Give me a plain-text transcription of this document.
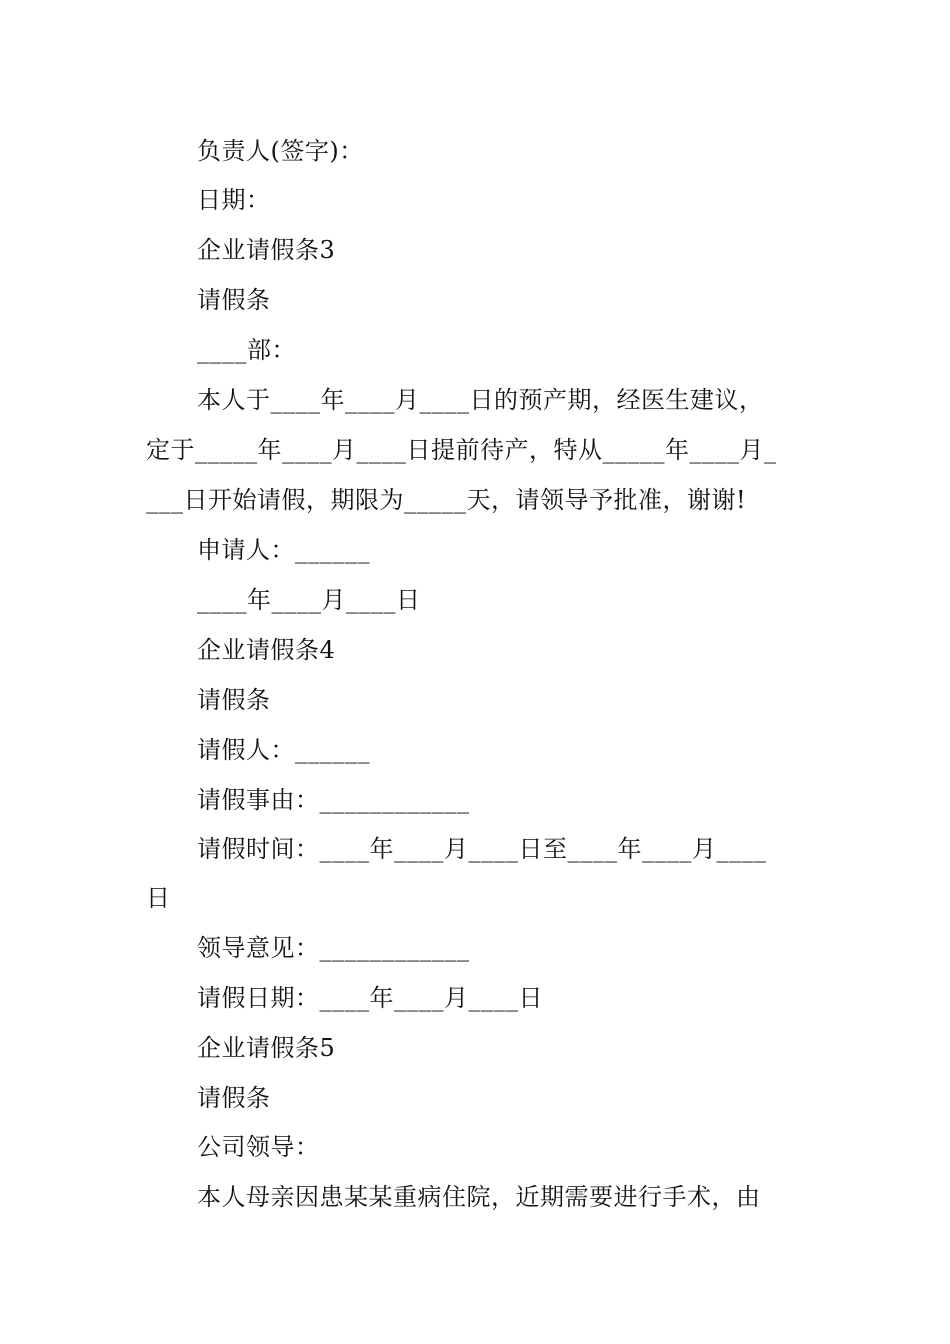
负责人(签字)：
日期：
企业请假条3
请假条
____部：
本人于____年____月____日的预产期，经医生建议，
定于_____年____月____日提前待产，特从_____年____月_
___日开始请假，期限为_____天，请领导予批准，谢谢!
申请人：______
____年____月____日
企业请假条4
请假条
请假人：______
请假事由：____________
请假时间：____年____月____日至____年____月____
日
领导意见：____________
请假日期：____年____月____日
企业请假条5
请假条
公司领导：
本人母亲因患某某重病住院，近期需要进行手术，由
